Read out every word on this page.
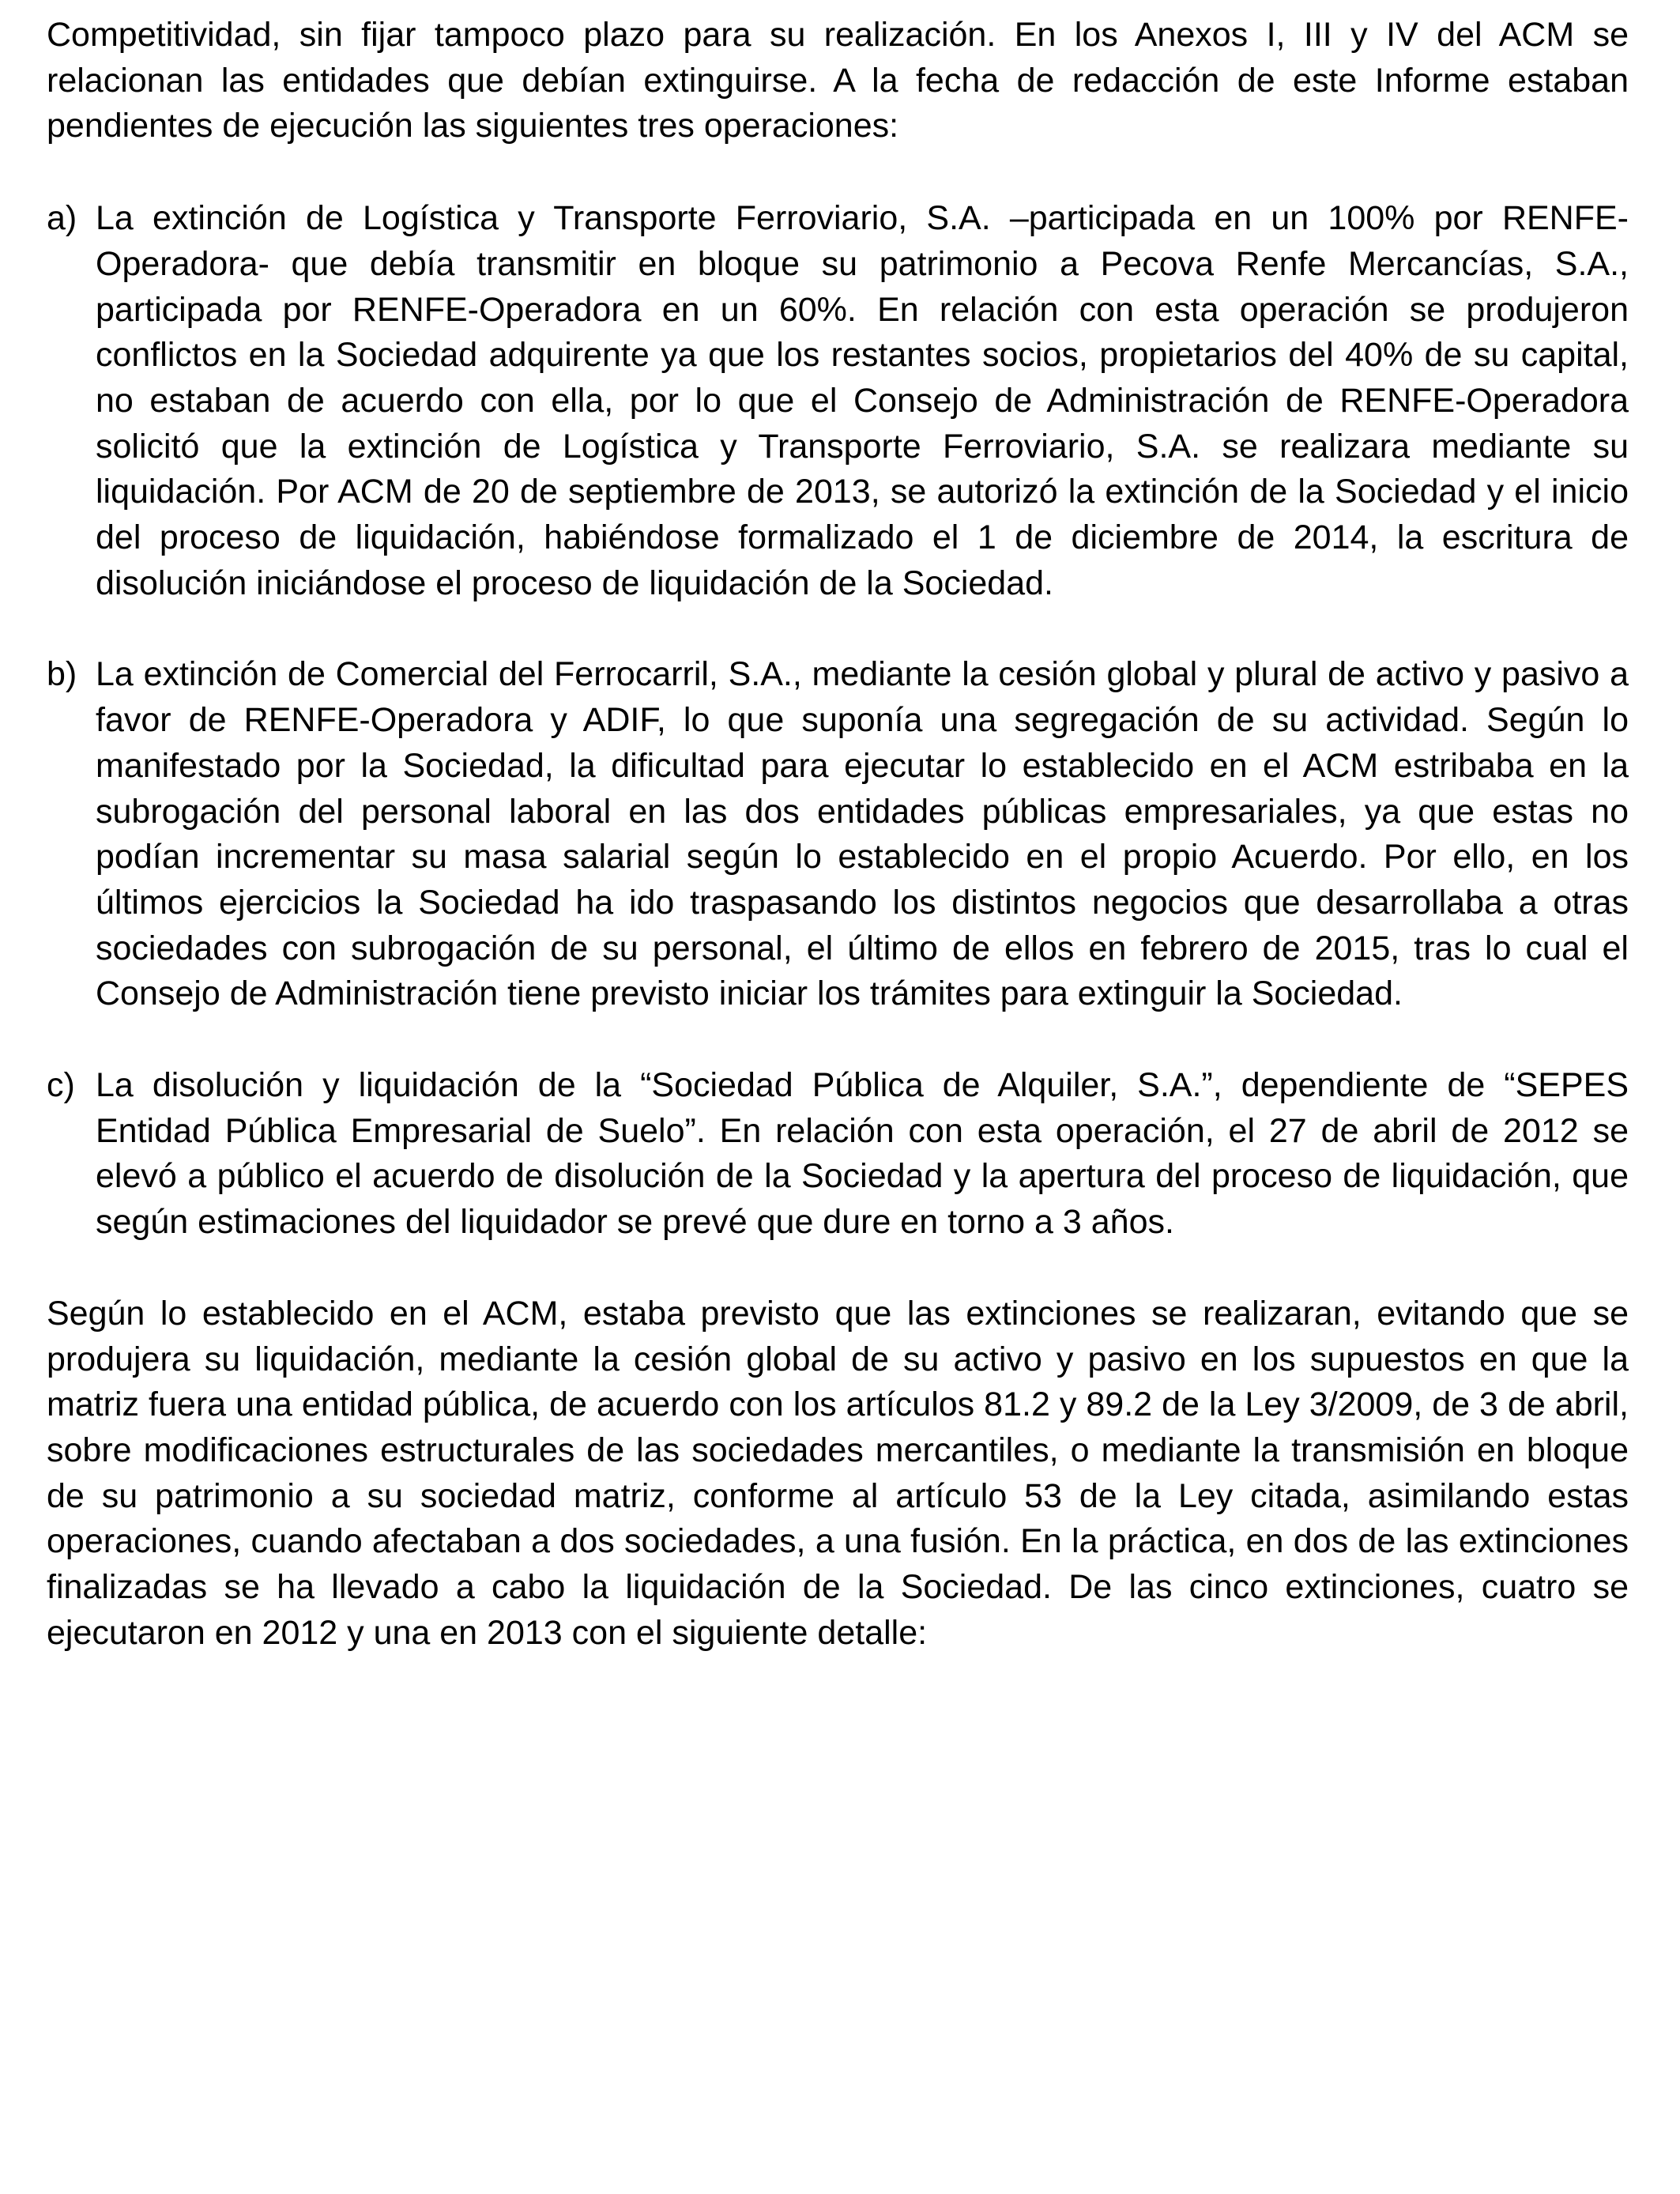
Competitividad, sin fijar tampoco plazo para su realización. En los Anexos I, III y IV del ACM se relacionan las entidades que debían extinguirse. A la fecha de redacción de este Informe estaban pendientes de ejecución las siguientes tres operaciones:

a) La extinción de Logística y Transporte Ferroviario, S.A. –participada en un 100% por RENFE-Operadora- que debía transmitir en bloque su patrimonio a Pecova Renfe Mercancías, S.A., participada por RENFE-Operadora en un 60%. En relación con esta operación se produjeron conflictos en la Sociedad adquirente ya que los restantes socios, propietarios del 40% de su capital, no estaban de acuerdo con ella, por lo que el Consejo de Administración de RENFE-Operadora solicitó que la extinción de Logística y Transporte Ferroviario, S.A. se realizara mediante su liquidación. Por ACM de 20 de septiembre de 2013, se autorizó la extinción de la Sociedad y el inicio del proceso de liquidación, habiéndose formalizado el 1 de diciembre de 2014, la escritura de disolución iniciándose el proceso de liquidación de la Sociedad.
b) La extinción de Comercial del Ferrocarril, S.A., mediante la cesión global y plural de activo y pasivo a favor de RENFE-Operadora y ADIF, lo que suponía una segregación de su actividad. Según lo manifestado por la Sociedad, la dificultad para ejecutar lo establecido en el ACM estribaba en la subrogación del personal laboral en las dos entidades públicas empresariales, ya que estas no podían incrementar su masa salarial según lo establecido en el propio Acuerdo. Por ello, en los últimos ejercicios la Sociedad ha ido traspasando los distintos negocios que desarrollaba a otras sociedades con subrogación de su personal, el último de ellos en febrero de 2015, tras lo cual el Consejo de Administración tiene previsto iniciar los trámites para extinguir la Sociedad.
c) La disolución y liquidación de la “Sociedad Pública de Alquiler, S.A.”, dependiente de “SEPES Entidad Pública Empresarial de Suelo”. En relación con esta operación, el 27 de abril de 2012 se elevó a público el acuerdo de disolución de la Sociedad y la apertura del proceso de liquidación, que según estimaciones del liquidador se prevé que dure en torno a 3 años.

Según lo establecido en el ACM, estaba previsto que las extinciones se realizaran, evitando que se produjera su liquidación, mediante la cesión global de su activo y pasivo en los supuestos en que la matriz fuera una entidad pública, de acuerdo con los artículos 81.2 y 89.2 de la Ley 3/2009, de 3 de abril, sobre modificaciones estructurales de las sociedades mercantiles, o mediante la transmisión en bloque de su patrimonio a su sociedad matriz, conforme al artículo 53 de la Ley citada, asimilando estas operaciones, cuando afectaban a dos sociedades, a una fusión. En la práctica, en dos de las extinciones finalizadas se ha llevado a cabo la liquidación de la Sociedad. De las cinco extinciones, cuatro se ejecutaron en 2012 y una en 2013 con el siguiente detalle:
